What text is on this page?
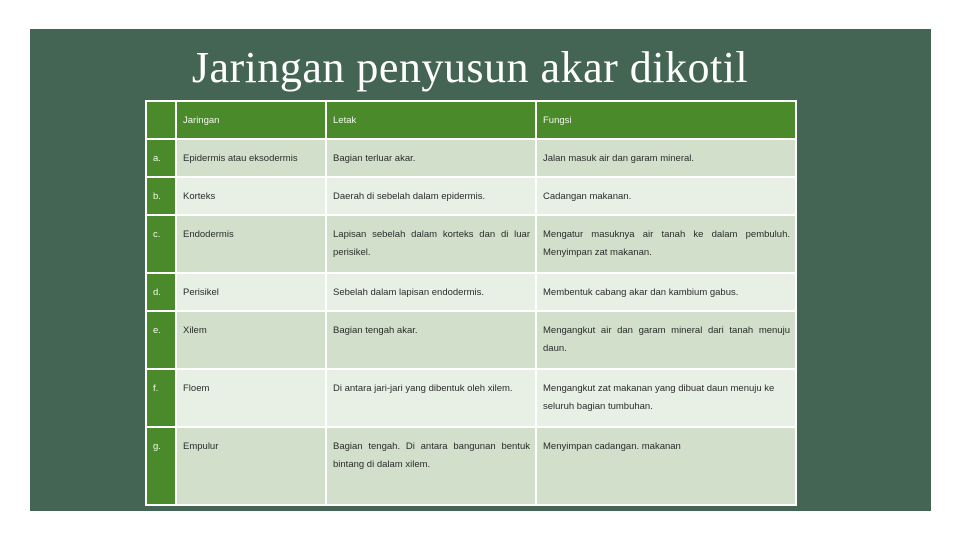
Jaringan penyusun akar dikotil
	Jaringan	Letak	Fungsi
a.	Epidermis atau eksodermis	Bagian terluar akar.	Jalan masuk air dan garam mineral.
b.	Korteks	Daerah di sebelah dalam epidermis.	Cadangan makanan.
c.	Endodermis	Lapisan sebelah dalam korteks dan di luar perisikel.	Mengatur masuknya air tanah ke dalam pembuluh. Menyimpan zat makanan.
d.	Perisikel	Sebelah dalam lapisan endodermis.	Membentuk cabang akar dan kambium gabus.
e.	Xilem	Bagian tengah akar.	Mengangkut air dan garam mineral dari tanah menuju daun.
f.	Floem	Di antara jari-jari yang dibentuk oleh xilem.	Mengangkut zat makanan yang dibuat daun menuju ke seluruh bagian tumbuhan.
g.	Empulur	Bagian tengah. Di antara bangunan bentuk bintang di dalam xilem.	Menyimpan cadangan. makanan
